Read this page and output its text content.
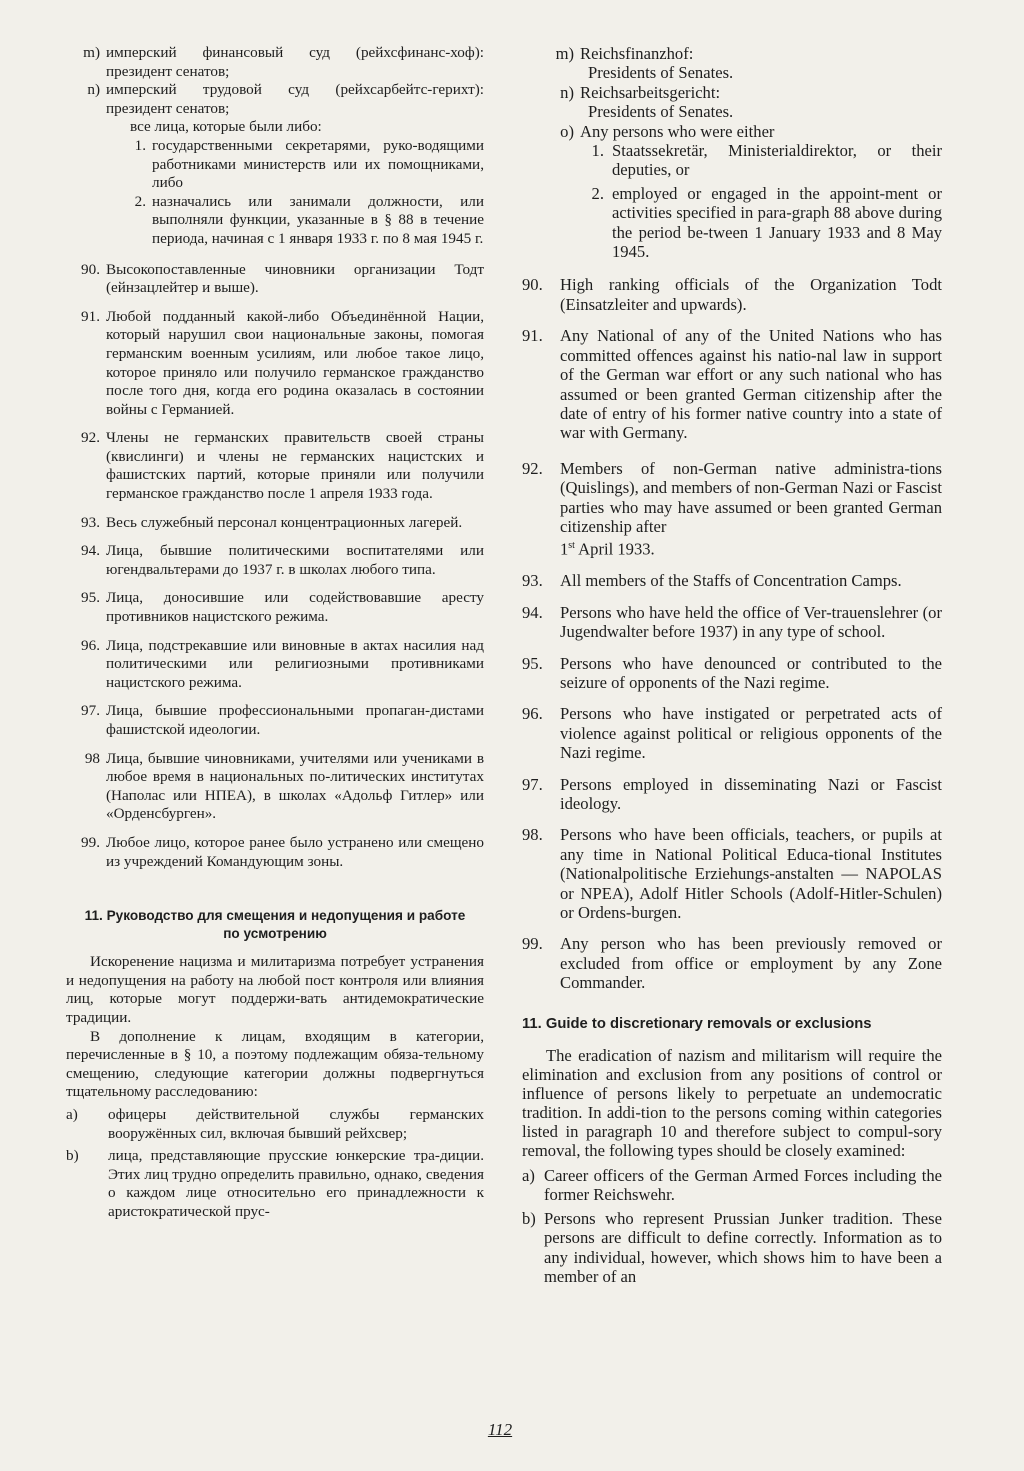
m) имперский финансовый суд (рейхсфинанс-хоф): президент сенатов;
n) имперский трудовой суд (рейхсарбейтс-герихт): президент сенатов;
все лица, которые были либо:
1. государственными секретарями, руко-водящими работниками министерств или их помощниками, либо
2. назначались или занимали должности, или выполняли функции, указанные в § 88 в течение периода, начиная с 1 января 1933 г. по 8 мая 1945 г.
90. Высокопоставленные чиновники организации Тодт (ейнзацлейтер и выше).
91. Любой подданный какой-либо Объединённой Нации, который нарушил свои национальные законы, помогая германским военным усилиям, или любое такое лицо, которое приняло или получило германское гражданство после того дня, когда его родина оказалась в состоянии войны с Германией.
92. Члены не германских правительств своей страны (квислинги) и члены не германских нацистских и фашистских партий, которые приняли или получили германское гражданство после 1 апреля 1933 года.
93. Весь служебный персонал концентрационных лагерей.
94. Лица, бывшие политическими воспитателями или югендвальтерами до 1937 г. в школах любого типа.
95. Лица, доносившие или содействовавшие аресту противников нацистского режима.
96. Лица, подстрекавшие или виновные в актах насилия над политическими или религиозными противниками нацистского режима.
97. Лица, бывшие профессиональными пропаган-дистами фашистской идеологии.
98 Лица, бывшие чиновниками, учителями или учениками в любое время в национальных по-литических институтах (Наполас или НПЕА), в школах «Адольф Гитлер» или «Орденсбурген».
99. Любое лицо, которое ранее было устранено или смещено из учреждений Командующим зоны.
11. Руководство для смещения и недопущения и работе по усмотрению
Искоренение нацизма и милитаризма потребует устранения и недопущения на работу на любой пост контроля или влияния лиц, которые могут поддержи-вать антидемократические традиции.
В дополнение к лицам, входящим в категории, перечисленные в § 10, а поэтому подлежащим обяза-тельному смещению, следующие категории должны подвергнуться тщательному расследованию:
a)	офицеры действительной службы германских вооружённых сил, включая бывший рейхсвер;
b)	лица, представляющие прусские юнкерские тра-диции. Этих лиц трудно определить правильно, однако, сведения о каждом лице относительно его принадлежности к аристократической прус-
m) Reichsfinanzhof:
Presidents of Senates.
n) Reichsarbeitsgericht:
Presidents of Senates.
o) Any persons who were either
1. Staatssekretär, Ministerialdirektor, or their deputies, or
2. employed or engaged in the appoint-ment or activities specified in para-graph 88 above during the period be-tween 1 January 1933 and 8 May 1945.
90.	High ranking officials of the Organization Todt (Einsatzleiter and upwards).
91.	Any National of any of the United Nations who has committed offences against his natio-nal law in support of the German war effort or any such national who has assumed or been granted German citizenship after the date of entry of his former native country into a state of war with Germany.
92.	Members of non-German native administra-tions (Quislings), and members of non-German Nazi or Fascist parties who may have assumed or been granted German citizenship after
1st April 1933.
93.	All members of the Staffs of Concentration Camps.
94.	Persons who have held the office of Ver-trauenslehrer (or Jugendwalter before 1937) in any type of school.
95.	Persons who have denounced or contributed to the seizure of opponents of the Nazi regime.
96.	Persons who have instigated or perpetrated acts of violence against political or religious opponents of the Nazi regime.
97.	Persons employed in disseminating Nazi or Fascist ideology.
98.	Persons who have been officials, teachers, or pupils at any time in National Political Educa-tional Institutes (Nationalpolitische Erziehungs-anstalten — NAPOLAS or NPEA), Adolf Hitler Schools (Adolf-Hitler-Schulen) or Ordens-burgen.
99.	Any person who has been previously removed or excluded from office or employment by any Zone Commander.
11. Guide to discretionary removals or exclusions
The eradication of nazism and militarism will require the elimination and exclusion from any positions of control or influence of persons likely to perpetuate an undemocratic tradition. In addi-tion to the persons coming within categories listed in paragraph 10 and therefore subject to compul-sory removal, the following types should be closely examined:
a) Career officers of the German Armed Forces including the former Reichswehr.
b) Persons who represent Prussian Junker tradition. These persons are difficult to define correctly. Information as to any individual, however, which shows him to have been a member of an
112
